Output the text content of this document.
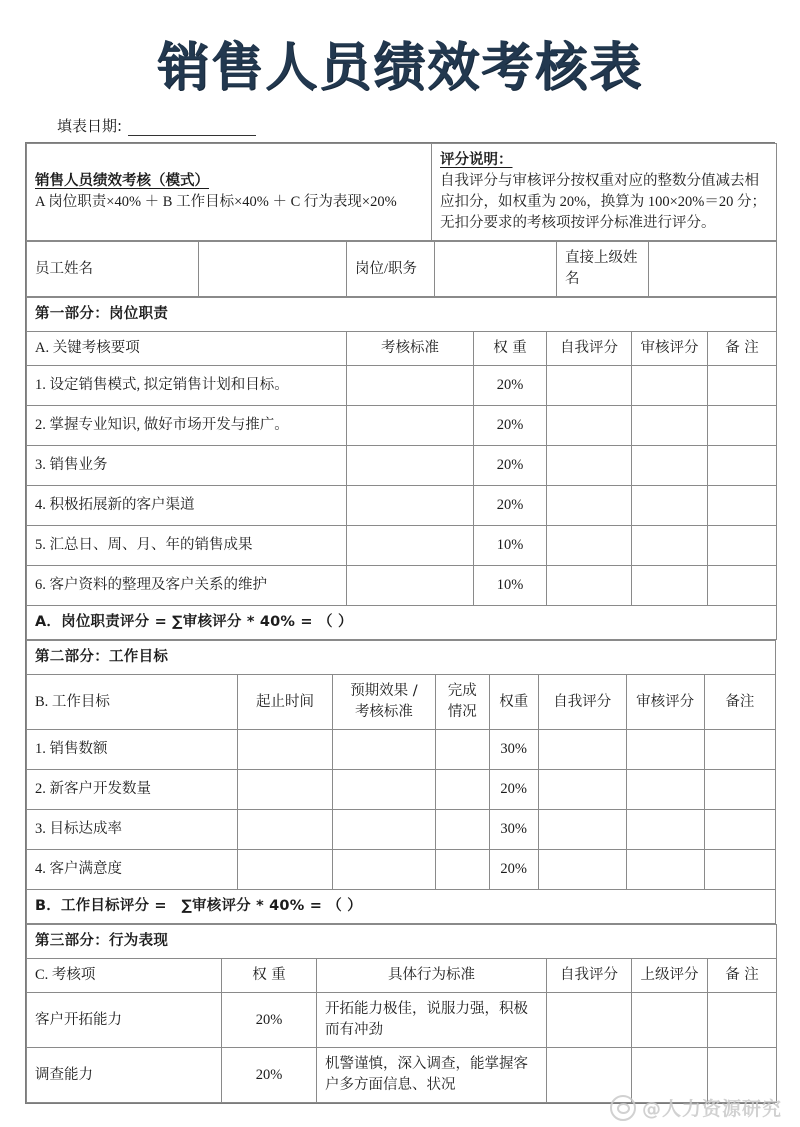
销售人员绩效考核表
填表日期:
销售人员绩效考核（模式）
A 岗位职责×40% ＋ B 工作目标×40% ＋ C 行为表现×20%

评分说明：
自我评分与审核评分按权重对应的整数分值减去相应扣分，如权重为 20%，换算为 100×20%＝20 分；
无扣分要求的考核项按评分标准进行评分。
员工姓名		岗位/职务		直接上级姓名	
第一部分：岗位职责					
A. 关键考核要项	考核标准	权 重	自我评分	审核评分	备 注
1. 设定销售模式, 拟定销售计划和目标。		20%			
2. 掌握专业知识, 做好市场开发与推广。		20%			
3. 销售业务		20%			
4. 积极拓展新的客户渠道		20%			
5. 汇总日、周、月、年的销售成果		10%			
6. 客户资料的整理及客户关系的维护		10%			
A．岗位职责评分 = ∑审核评分 * 40% = （ ）					
第二部分：工作目标							
B. 工作目标	起止时间	预期效果 / 考核标准	完成情况	权重	自我评分	审核评分	备注
1. 销售数额				30%			
2. 新客户开发数量				20%			
3. 目标达成率				30%			
4. 客户满意度				20%			
B．工作目标评分 =　∑审核评分 * 40% = （ ）							
第三部分：行为表现					
C. 考核项	权 重	具体行为标准	自我评分	上级评分	备 注
客户开拓能力	20%	开拓能力极佳，说服力强，积极而有冲劲			
调查能力	20%	机警谨慎，深入调查，能掌握客户多方面信息、状况			
@人力资源研究
